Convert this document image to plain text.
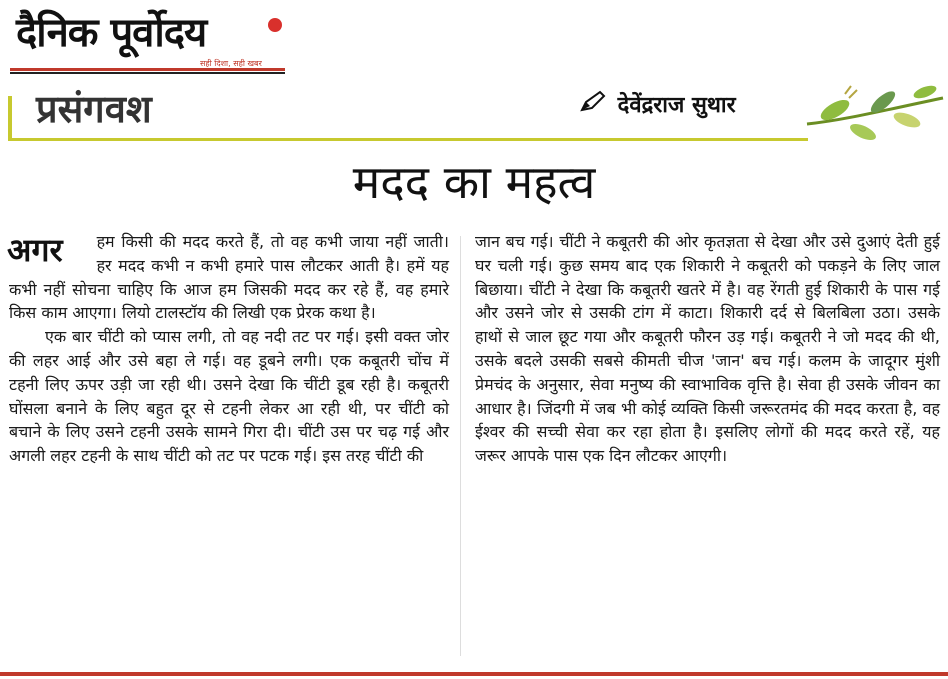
दैनिक पूर्वोदय
सही दिशा, सही खबर
प्रसंगवश	देवेंद्रराज सुथार
मदद का महत्व

अगर हम किसी की मदद करते हैं, तो वह कभी जाया नहीं जाती। हर मदद कभी न कभी हमारे पास लौटकर आती है। हमें यह कभी नहीं सोचना चाहिए कि आज हम जिसकी मदद कर रहे हैं, वह हमारे किस काम आएगा। लियो टालस्टॉय की लिखी एक प्रेरक कथा है।

एक बार चींटी को प्यास लगी, तो वह नदी तट पर गई। इसी वक्त जोर की लहर आई और उसे बहा ले गई। वह डूबने लगी। एक कबूतरी चोंच में टहनी लिए ऊपर उड़ी जा रही थी। उसने देखा कि चींटी डूब रही है। कबूतरी घोंसला बनाने के लिए बहुत दूर से टहनी लेकर आ रही थी, पर चींटी को बचाने के लिए उसने टहनी उसके सामने गिरा दी। चींटी उस पर चढ़ गई और अगली लहर टहनी के साथ चींटी को तट पर पटक गई। इस तरह चींटी की

जान बच गई। चींटी ने कबूतरी की ओर कृतज्ञता से देखा और उसे दुआएं देती हुई घर चली गई। कुछ समय बाद एक शिकारी ने कबूतरी को पकड़ने के लिए जाल बिछाया। चींटी ने देखा कि कबूतरी खतरे में है। वह रेंगती हुई शिकारी के पास गई और उसने जोर से उसकी टांग में काटा। शिकारी दर्द से बिलबिला उठा। उसके हाथों से जाल छूट गया और कबूतरी फौरन उड़ गई। कबूतरी ने जो मदद की थी, उसके बदले उसकी सबसे कीमती चीज 'जान' बच गई। कलम के जादूगर मुंशी प्रेमचंद के अनुसार, सेवा मनुष्य की स्वाभाविक वृत्ति है। सेवा ही उसके जीवन का आधार है। जिंदगी में जब भी कोई व्यक्ति किसी जरूरतमंद की मदद करता है, वह ईश्वर की सच्ची सेवा कर रहा होता है। इसलिए लोगों की मदद करते रहें, यह जरूर आपके पास एक दिन लौटकर आएगी।
